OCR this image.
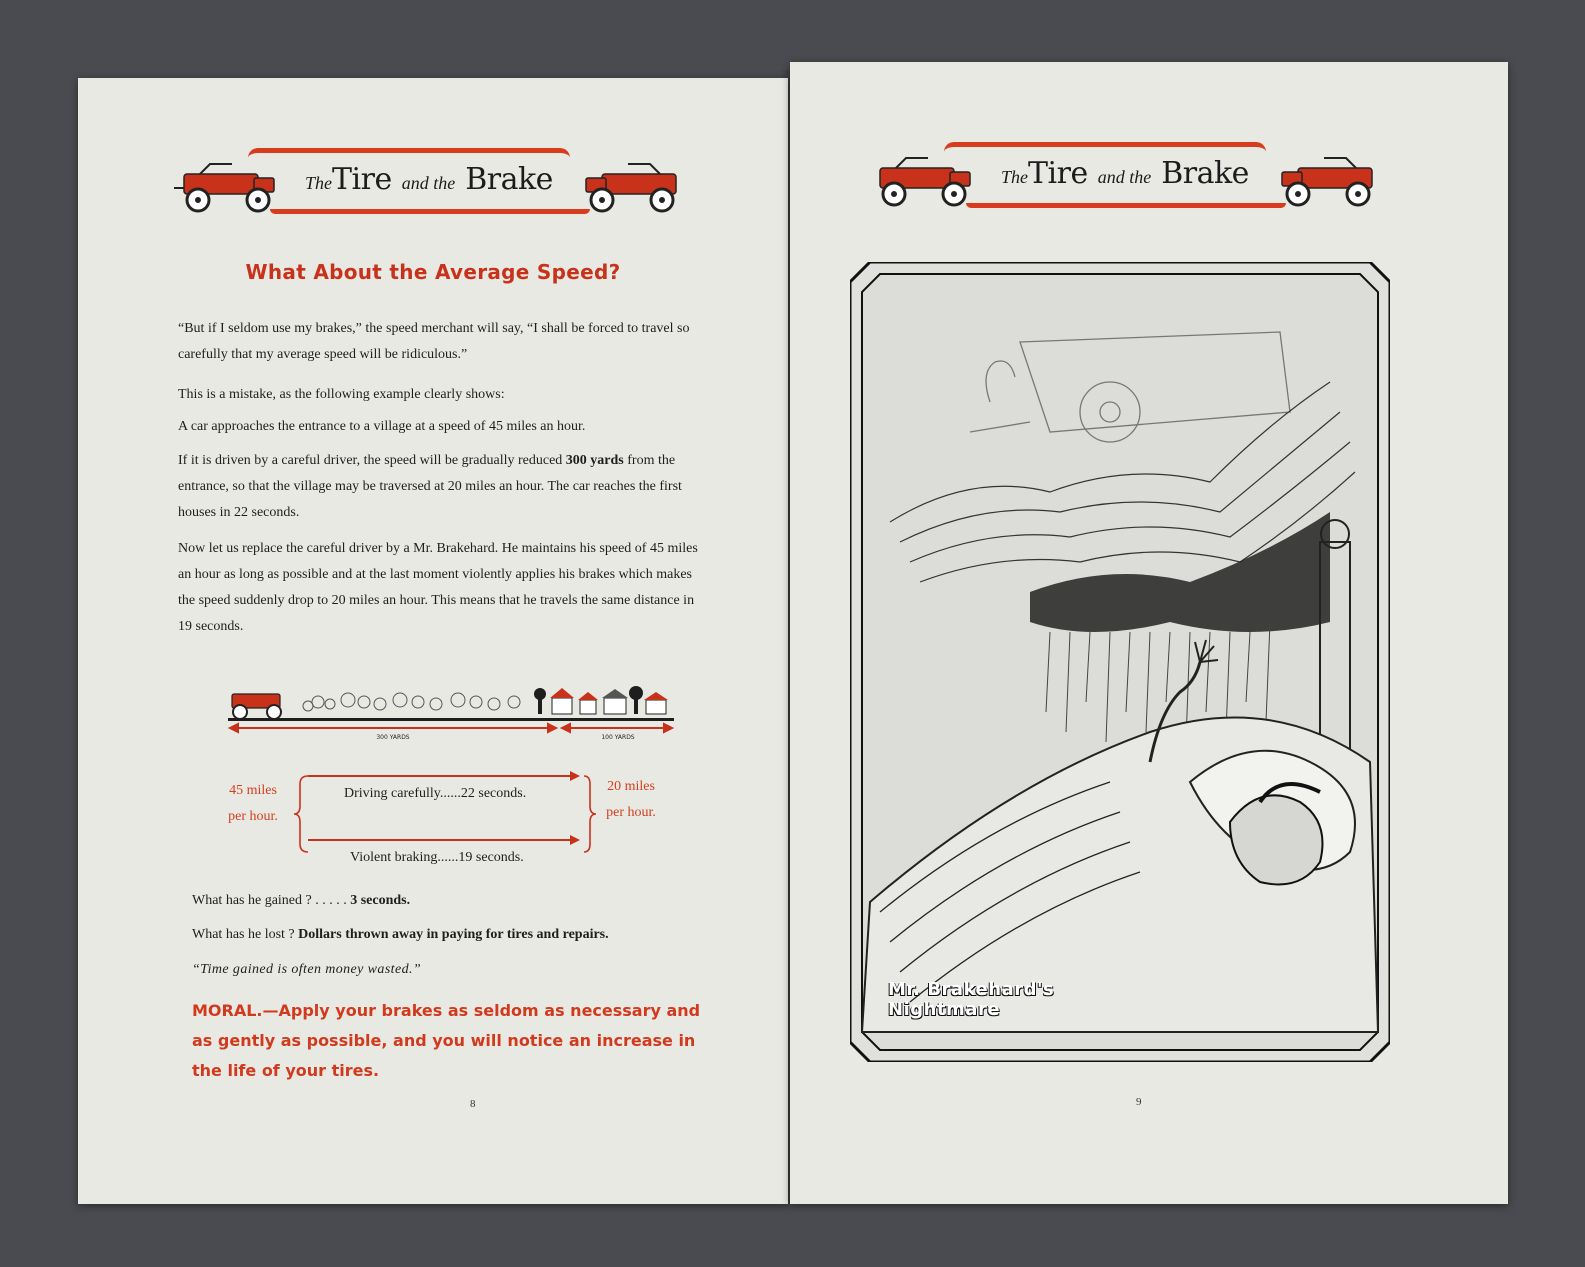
TheTire and the Brake
What About the Average Speed?
“But if I seldom use my brakes,” the speed merchant will say, “I shall be forced to travel so carefully that my average speed will be ridiculous.”
This is a mistake, as the following example clearly shows:
A car approaches the entrance to a village at a speed of 45 miles an hour.
If it is driven by a careful driver, the speed will be gradually reduced 300 yards from the entrance, so that the village may be traversed at 20 miles an hour. The car reaches the first houses in 22 seconds.
Now let us replace the careful driver by a Mr. Brakehard. He maintains his speed of 45 miles an hour as long as possible and at the last moment violently applies his brakes which makes the speed suddenly drop to 20 miles an hour. This means that he travels the same distance in 19 seconds.
300 YARDS	100 YARDS
45 miles
per hour.
Driving carefully......22 seconds.
Violent braking......19 seconds.
20 miles
per hour.
What has he gained ? . . . . . 3 seconds.
What has he lost ? Dollars thrown away in paying for tires and repairs.
“Time gained is often money wasted.”
MORAL.—Apply your brakes as seldom as necessary and as gently as possible, and you will notice an increase in the life of your tires.
8
TheTire and the Brake
Mr. Brakehard's
Nightmare
9
